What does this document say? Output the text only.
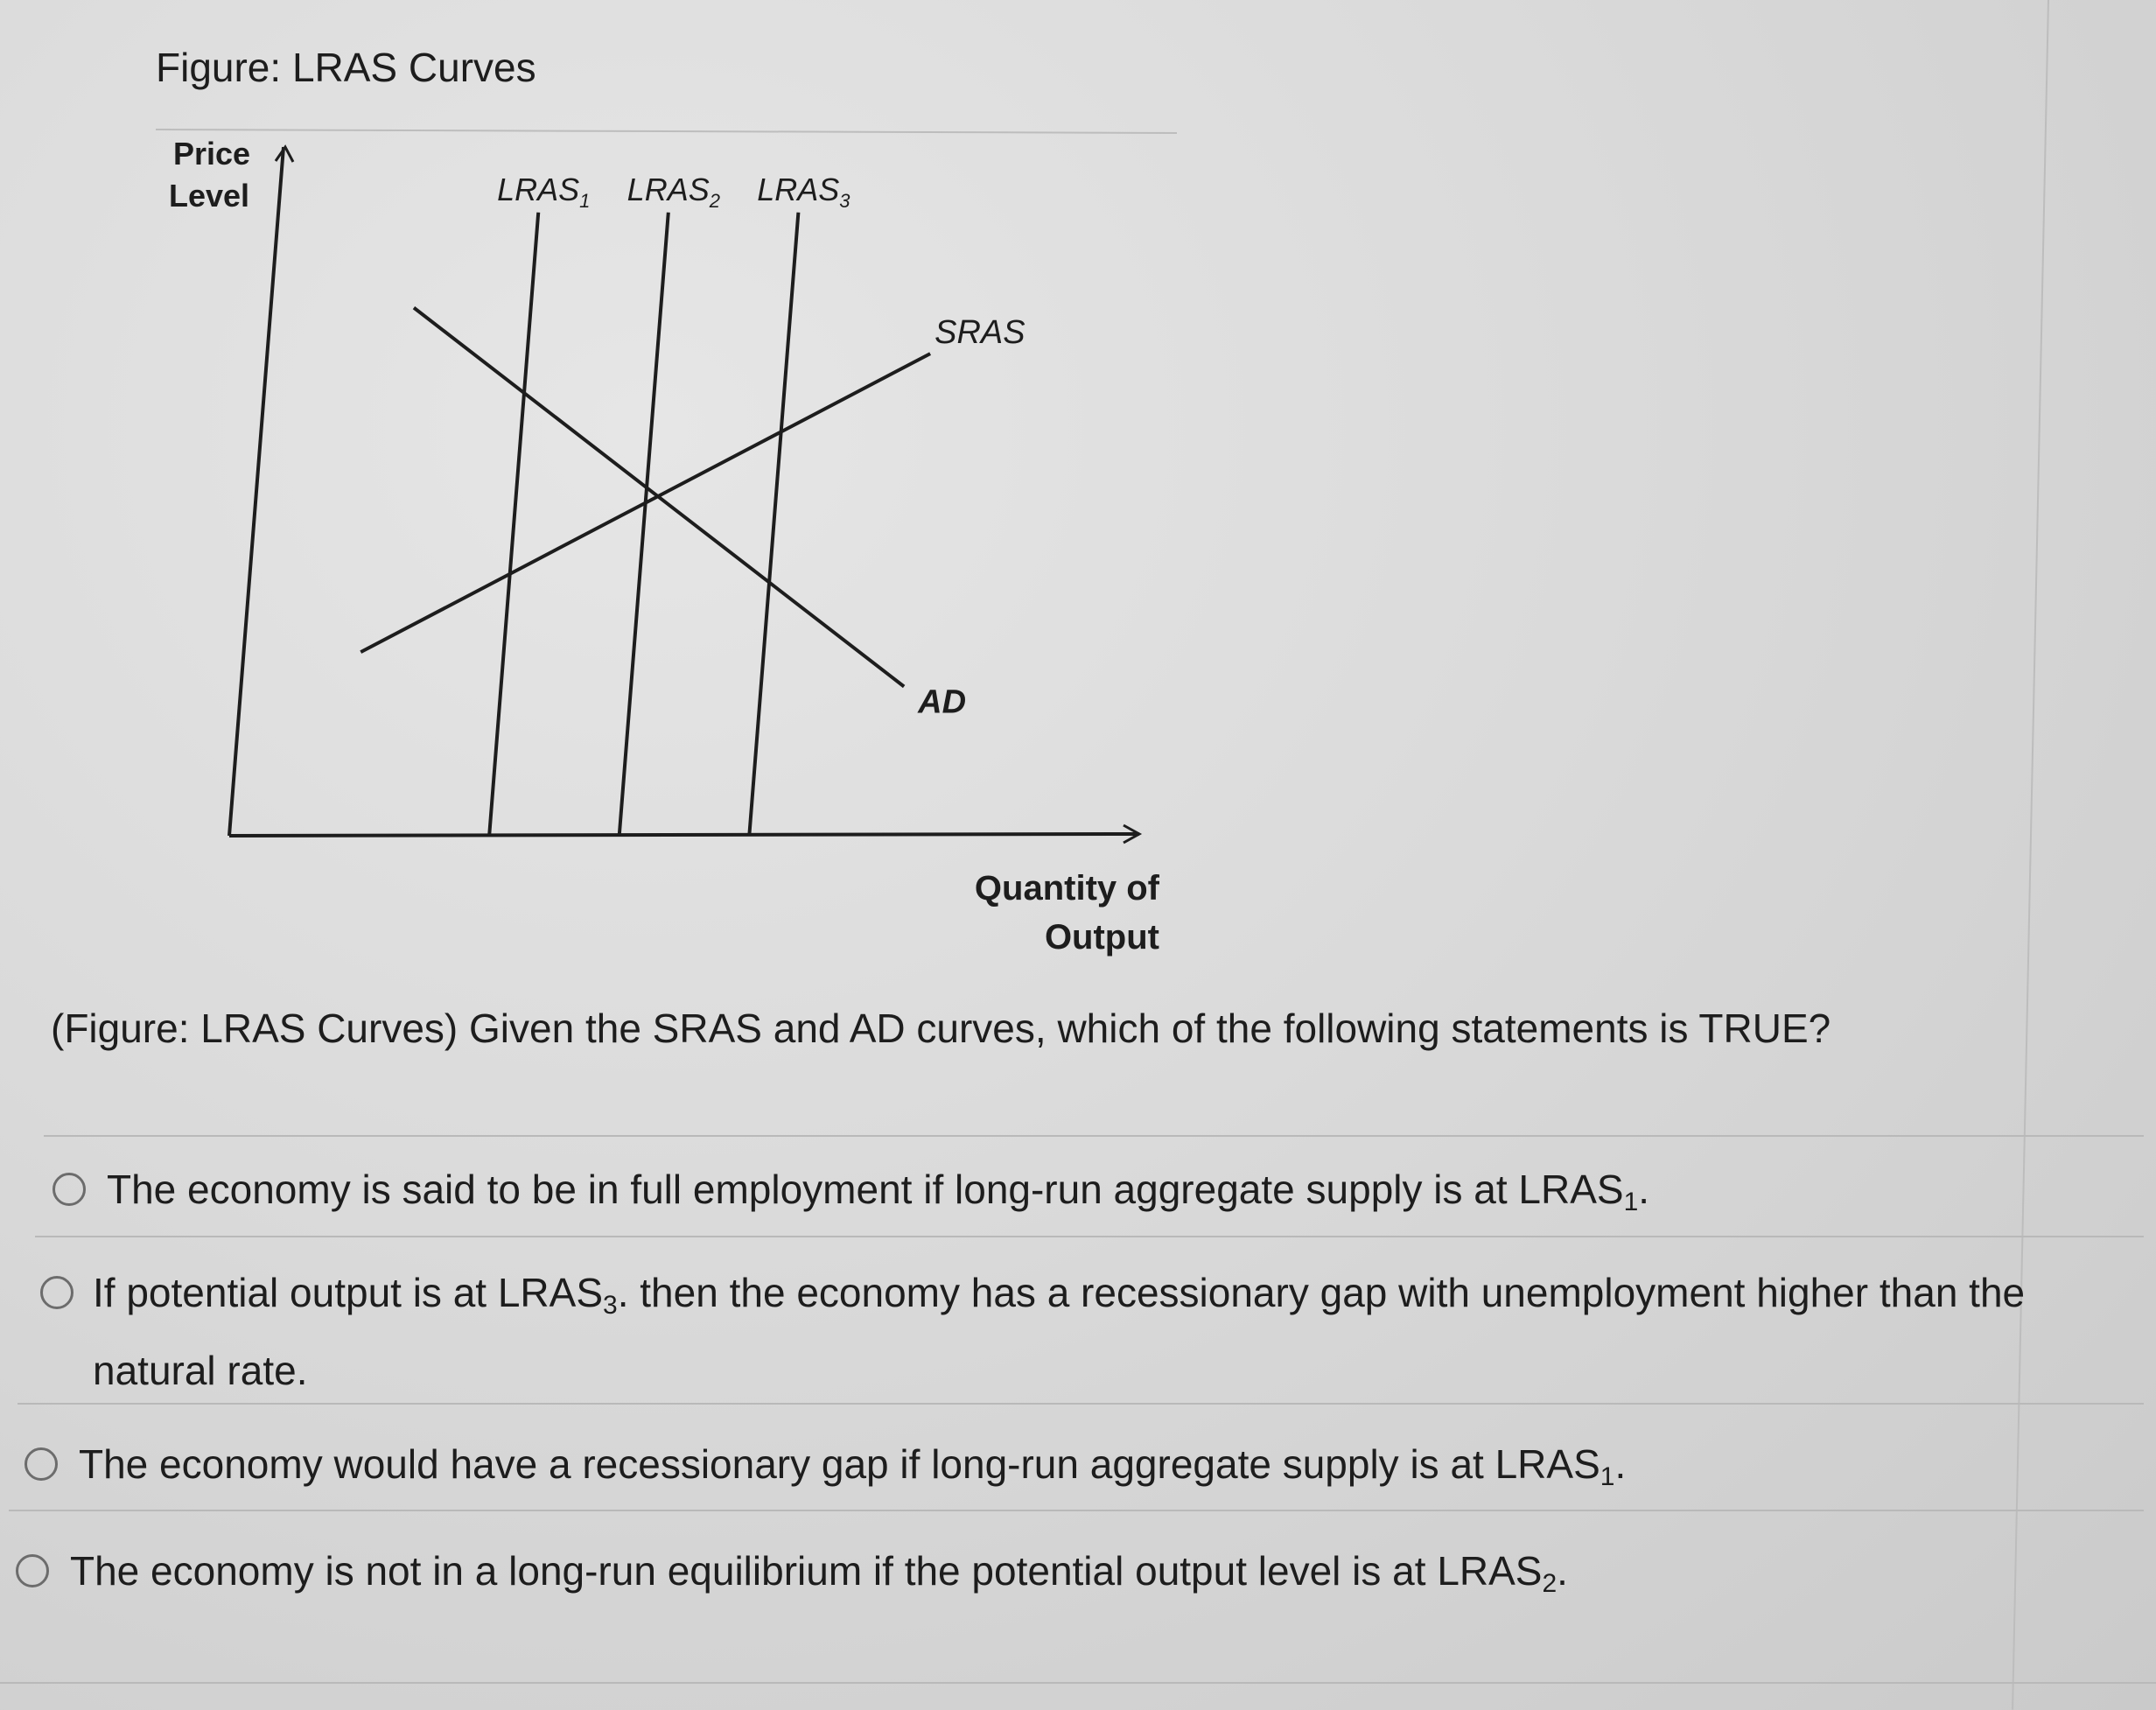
Figure: LRAS Curves
Price
Level
Quantity of
Output
$LRAS_1$ $LRAS_2$ $LRAS_3$
SRAS
AD

(Figure: LRAS Curves) Given the SRAS and AD curves, which of the following statements is TRUE?

The economy is said to be in full employment if long-run aggregate supply is at $LRAS_1$.
If potential output is at $LRAS_3$. then the economy has a recessionary gap with unemployment higher than the natural rate.
The economy would have a recessionary gap if long-run aggregate supply is at $LRAS_1$.
The economy is not in a long-run equilibrium if the potential output level is at $LRAS_2$.
